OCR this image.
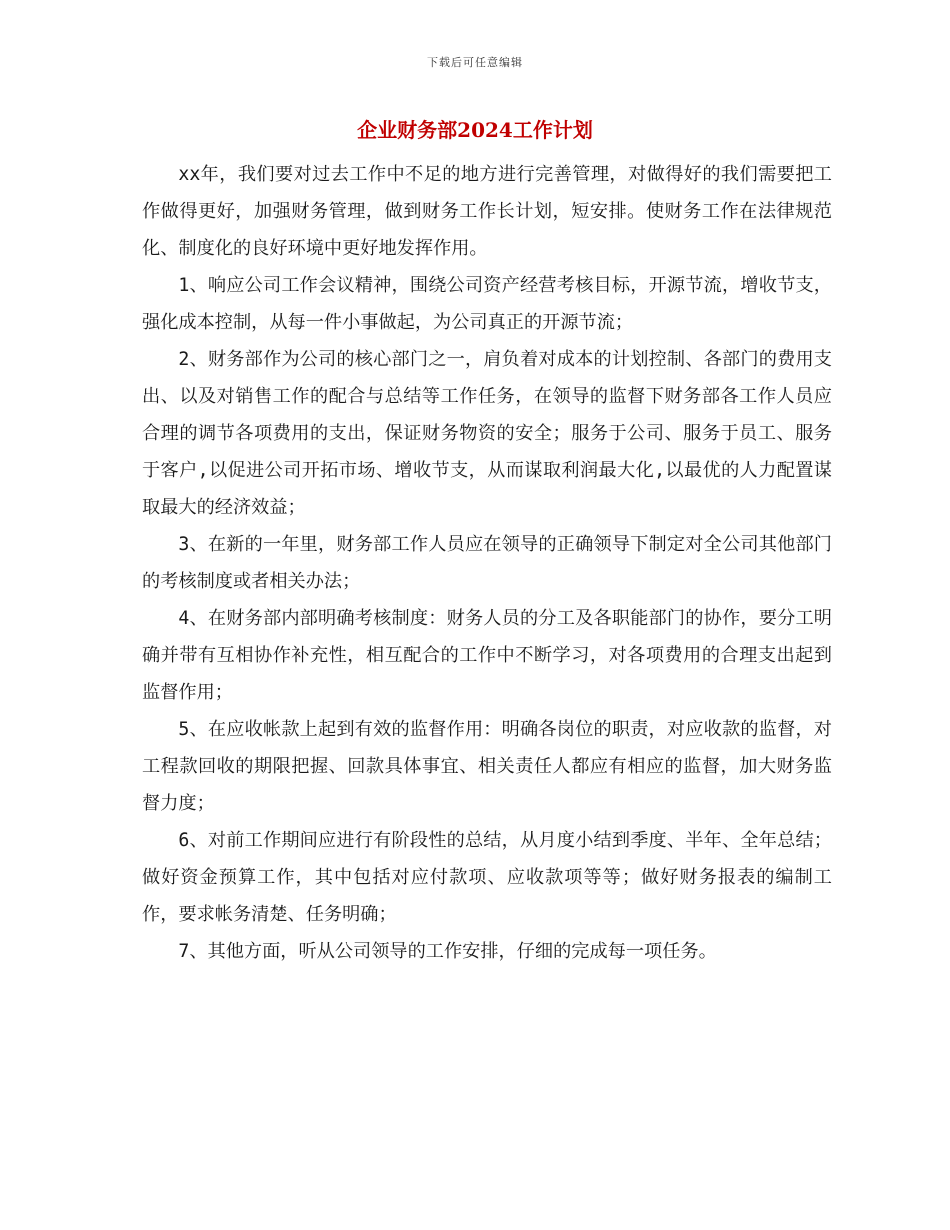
下载后可任意编辑
企业财务部2024工作计划

xx年，我们要对过去工作中不足的地方进行完善管理，对做得好的我们需要把工作做得更好，加强财务管理，做到财务工作长计划，短安排。使财务工作在法律规范化、制度化的良好环境中更好地发挥作用。

1、响应公司工作会议精神，围绕公司资产经营考核目标，开源节流，增收节支，强化成本控制，从每一件小事做起，为公司真正的开源节流；

2、财务部作为公司的核心部门之一，肩负着对成本的计划控制、各部门的费用支出、以及对销售工作的配合与总结等工作任务，在领导的监督下财务部各工作人员应合理的调节各项费用的支出，保证财务物资的安全；服务于公司、服务于员工、服务于客户,以促进公司开拓市场、增收节支，从而谋取利润最大化,以最优的人力配置谋取最大的经济效益；

3、在新的一年里，财务部工作人员应在领导的正确领导下制定对全公司其他部门的考核制度或者相关办法；

4、在财务部内部明确考核制度：财务人员的分工及各职能部门的协作，要分工明确并带有互相协作补充性，相互配合的工作中不断学习，对各项费用的合理支出起到监督作用；

5、在应收帐款上起到有效的监督作用：明确各岗位的职责，对应收款的监督，对工程款回收的期限把握、回款具体事宜、相关责任人都应有相应的监督，加大财务监督力度；

6、对前工作期间应进行有阶段性的总结，从月度小结到季度、半年、全年总结；做好资金预算工作，其中包括对应付款项、应收款项等等；做好财务报表的编制工作，要求帐务清楚、任务明确；

7、其他方面，听从公司领导的工作安排，仔细的完成每一项任务。
